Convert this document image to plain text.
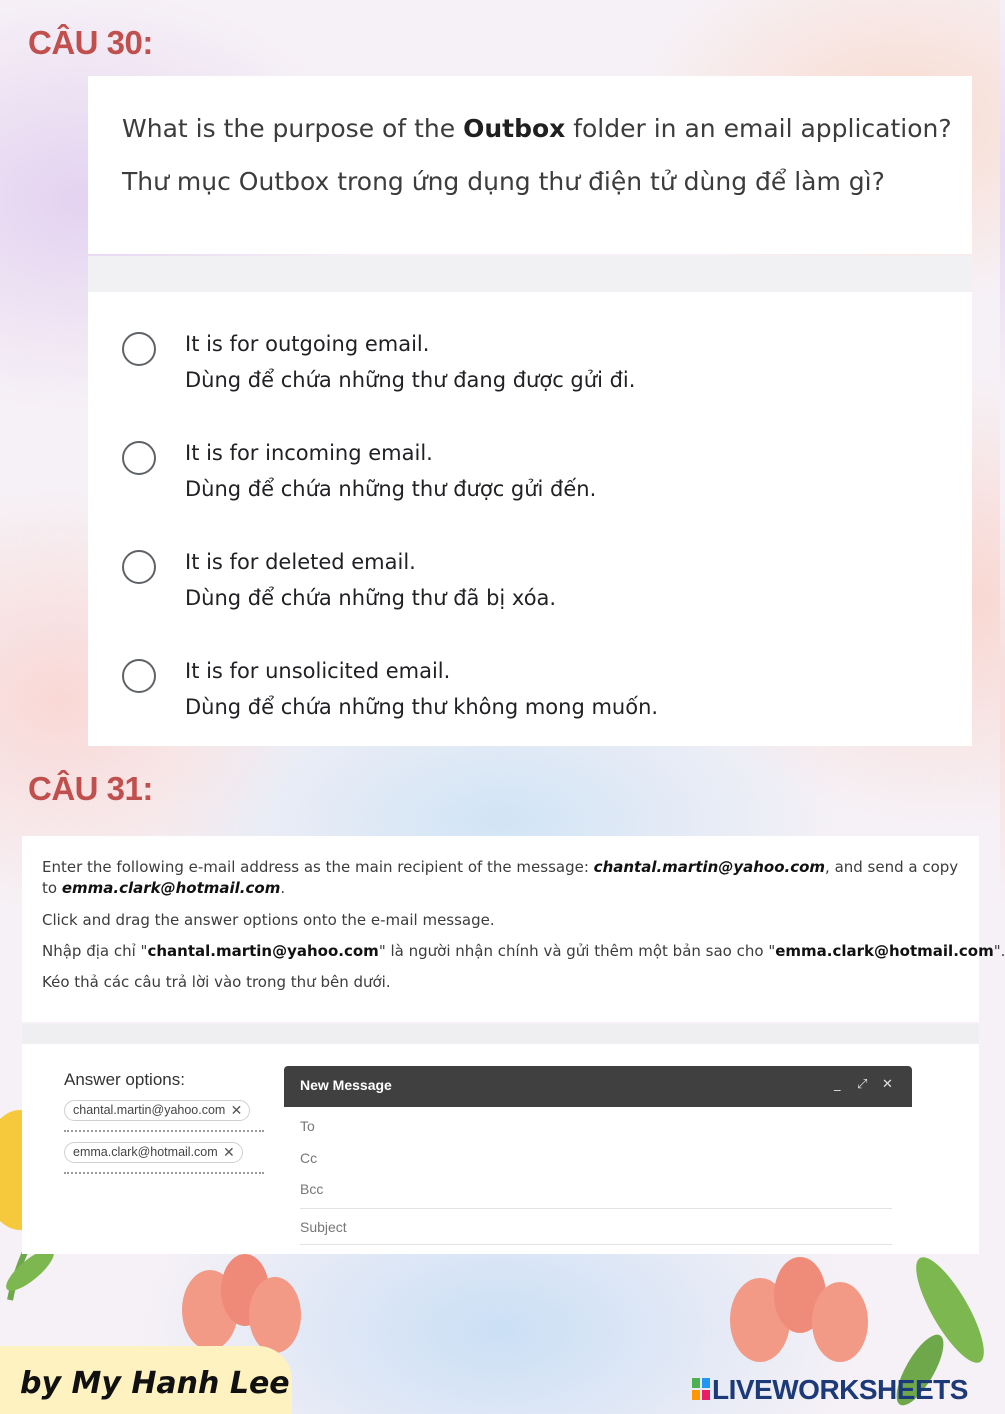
CÂU 30:
What is the purpose of the Outbox folder in an email application?
Thư mục Outbox trong ứng dụng thư điện tử dùng để làm gì?
It is for outgoing email.
Dùng để chứa những thư đang được gửi đi.
It is for incoming email.
Dùng để chứa những thư được gửi đến.
It is for deleted email.
Dùng để chứa những thư đã bị xóa.
It is for unsolicited email.
Dùng để chứa những thư không mong muốn.
CÂU 31:
Enter the following e-mail address as the main recipient of the message: chantal.martin@yahoo.com, and send a copy
to emma.clark@hotmail.com.
Click and drag the answer options onto the e-mail message.
Nhập địa chỉ "chantal.martin@yahoo.com" là người nhận chính và gửi thêm một bản sao cho "emma.clark@hotmail.com".
Kéo thả các câu trả lời vào trong thư bên dưới.
Answer options:
chantal.martin@yahoo.com ✕
emma.clark@hotmail.com ✕
New Message	_ ⤢ ✕
To
Cc
Bcc
Subject
by My Hanh Lee	LIVEWORKSHEETS
